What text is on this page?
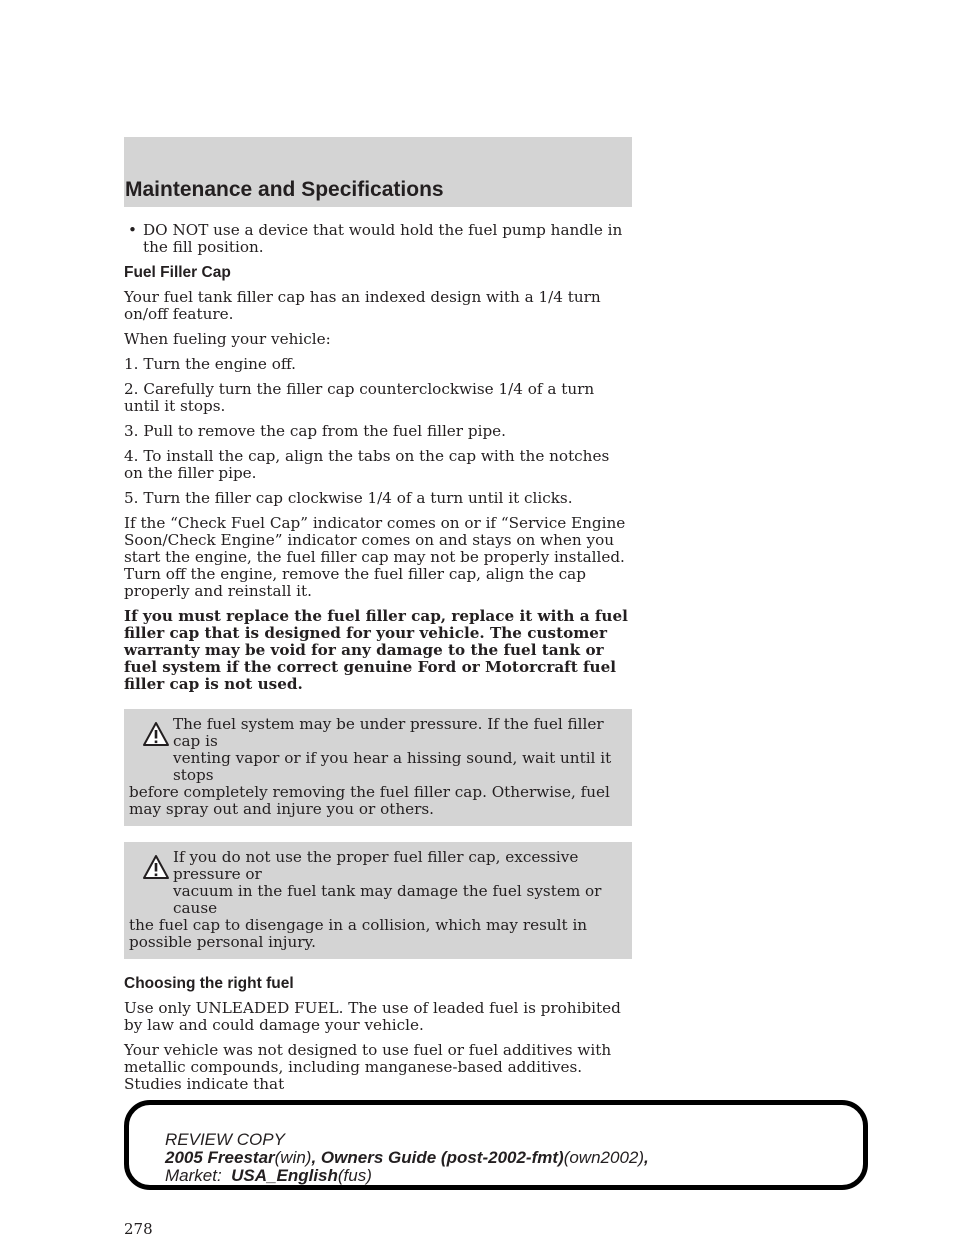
Maintenance and Specifications
• DO NOT use a device that would hold the fuel pump handle in the fill position.
Fuel Filler Cap

Your fuel tank filler cap has an indexed design with a 1/4 turn on/off feature.

When fueling your vehicle:

1. Turn the engine off.

2. Carefully turn the filler cap counterclockwise 1/4 of a turn until it stops.

3. Pull to remove the cap from the fuel filler pipe.

4. To install the cap, align the tabs on the cap with the notches on the filler pipe.

5. Turn the filler cap clockwise 1/4 of a turn until it clicks.

If the “Check Fuel Cap” indicator comes on or if “Service Engine Soon/Check Engine” indicator comes on and stays on when you start the engine, the fuel filler cap may not be properly installed. Turn off the engine, remove the fuel filler cap, align the cap properly and reinstall it.

If you must replace the fuel filler cap, replace it with a fuel filler cap that is designed for your vehicle. The customer warranty may be void for any damage to the fuel tank or fuel system if the correct genuine Ford or Motorcraft fuel filler cap is not used.

The fuel system may be under pressure. If the fuel filler cap is
venting vapor or if you hear a hissing sound, wait until it stops
before completely removing the fuel filler cap. Otherwise, fuel may spray out and injure you or others.
If you do not use the proper fuel filler cap, excessive pressure or
vacuum in the fuel tank may damage the fuel system or cause
the fuel cap to disengage in a collision, which may result in possible personal injury.
Choosing the right fuel

Use only UNLEADED FUEL. The use of leaded fuel is prohibited by law and could damage your vehicle.

Your vehicle was not designed to use fuel or fuel additives with metallic compounds, including manganese-based additives. Studies indicate that

278
REVIEW COPY
2005 Freestar(win), Owners Guide (post-2002-fmt)(own2002),
Market: USA_English(fus)
